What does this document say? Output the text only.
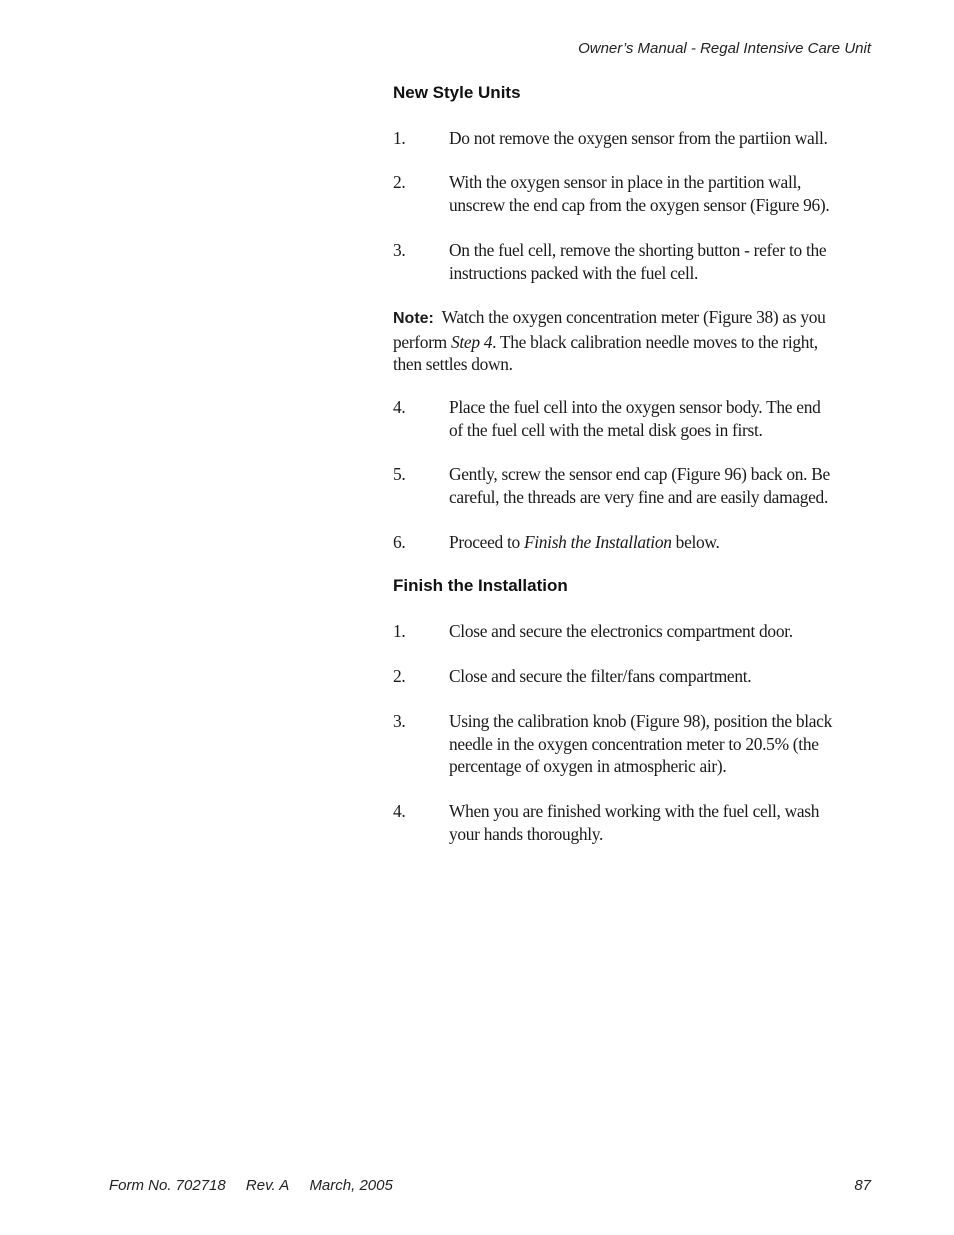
Owner’s Manual - Regal Intensive Care Unit
New Style Units
1.	Do not remove the oxygen sensor from the partiion wall.
2.	With the oxygen sensor in place in the partition wall,
unscrew the end cap from the oxygen sensor (Figure 96).
3.	On the fuel cell, remove the shorting button - refer to the
instructions packed with the fuel cell.
Note: Watch the oxygen concentration meter (Figure 38) as you
perform Step 4. The black calibration needle moves to the right,
then settles down.
4.	Place the fuel cell into the oxygen sensor body. The end
of the fuel cell with the metal disk goes in first.
5.	Gently, screw the sensor end cap (Figure 96) back on. Be
careful, the threads are very fine and are easily damaged.
6.	Proceed to Finish the Installation below.
Finish the Installation
1.	Close and secure the electronics compartment door.
2.	Close and secure the filter/fans compartment.
3.	Using the calibration knob (Figure 98), position the black
needle in the oxygen concentration meter to 20.5% (the
percentage of oxygen in atmospheric air).
4.	When you are finished working with the fuel cell, wash
your hands thoroughly.
Form No. 702718 Rev. A March, 2005	87
